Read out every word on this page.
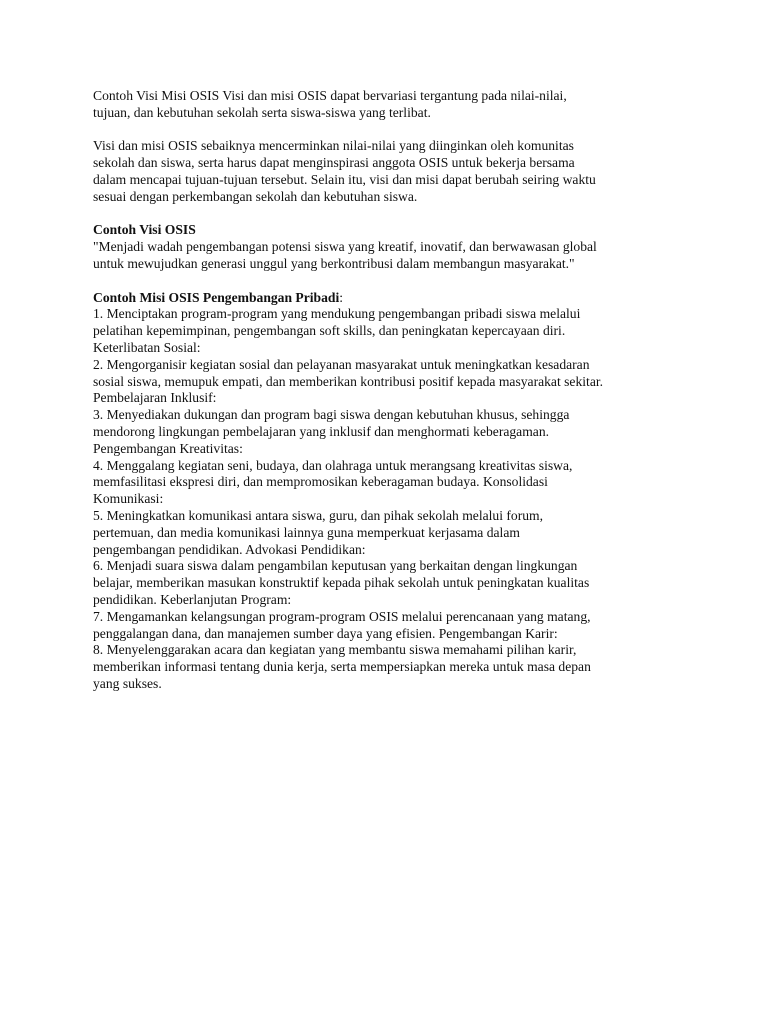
Contoh Visi Misi OSIS Visi dan misi OSIS dapat bervariasi tergantung pada nilai-nilai,
tujuan, dan kebutuhan sekolah serta siswa-siswa yang terlibat.
Visi dan misi OSIS sebaiknya mencerminkan nilai-nilai yang diinginkan oleh komunitas
sekolah dan siswa, serta harus dapat menginspirasi anggota OSIS untuk bekerja bersama
dalam mencapai tujuan-tujuan tersebut. Selain itu, visi dan misi dapat berubah seiring waktu
sesuai dengan perkembangan sekolah dan kebutuhan siswa.
Contoh Visi OSIS
"Menjadi wadah pengembangan potensi siswa yang kreatif, inovatif, dan berwawasan global
untuk mewujudkan generasi unggul yang berkontribusi dalam membangun masyarakat."
Contoh Misi OSIS Pengembangan Pribadi:
1. Menciptakan program-program yang mendukung pengembangan pribadi siswa melalui
pelatihan kepemimpinan, pengembangan soft skills, dan peningkatan kepercayaan diri.
Keterlibatan Sosial:
2. Mengorganisir kegiatan sosial dan pelayanan masyarakat untuk meningkatkan kesadaran
sosial siswa, memupuk empati, dan memberikan kontribusi positif kepada masyarakat sekitar.
Pembelajaran Inklusif:
3. Menyediakan dukungan dan program bagi siswa dengan kebutuhan khusus, sehingga
mendorong lingkungan pembelajaran yang inklusif dan menghormati keberagaman.
Pengembangan Kreativitas:
4. Menggalang kegiatan seni, budaya, dan olahraga untuk merangsang kreativitas siswa,
memfasilitasi ekspresi diri, dan mempromosikan keberagaman budaya. Konsolidasi
Komunikasi:
5. Meningkatkan komunikasi antara siswa, guru, dan pihak sekolah melalui forum,
pertemuan, dan media komunikasi lainnya guna memperkuat kerjasama dalam
pengembangan pendidikan. Advokasi Pendidikan:
6. Menjadi suara siswa dalam pengambilan keputusan yang berkaitan dengan lingkungan
belajar, memberikan masukan konstruktif kepada pihak sekolah untuk peningkatan kualitas
pendidikan. Keberlanjutan Program:
7. Mengamankan kelangsungan program-program OSIS melalui perencanaan yang matang,
penggalangan dana, dan manajemen sumber daya yang efisien. Pengembangan Karir:
8. Menyelenggarakan acara dan kegiatan yang membantu siswa memahami pilihan karir,
memberikan informasi tentang dunia kerja, serta mempersiapkan mereka untuk masa depan
yang sukses.
